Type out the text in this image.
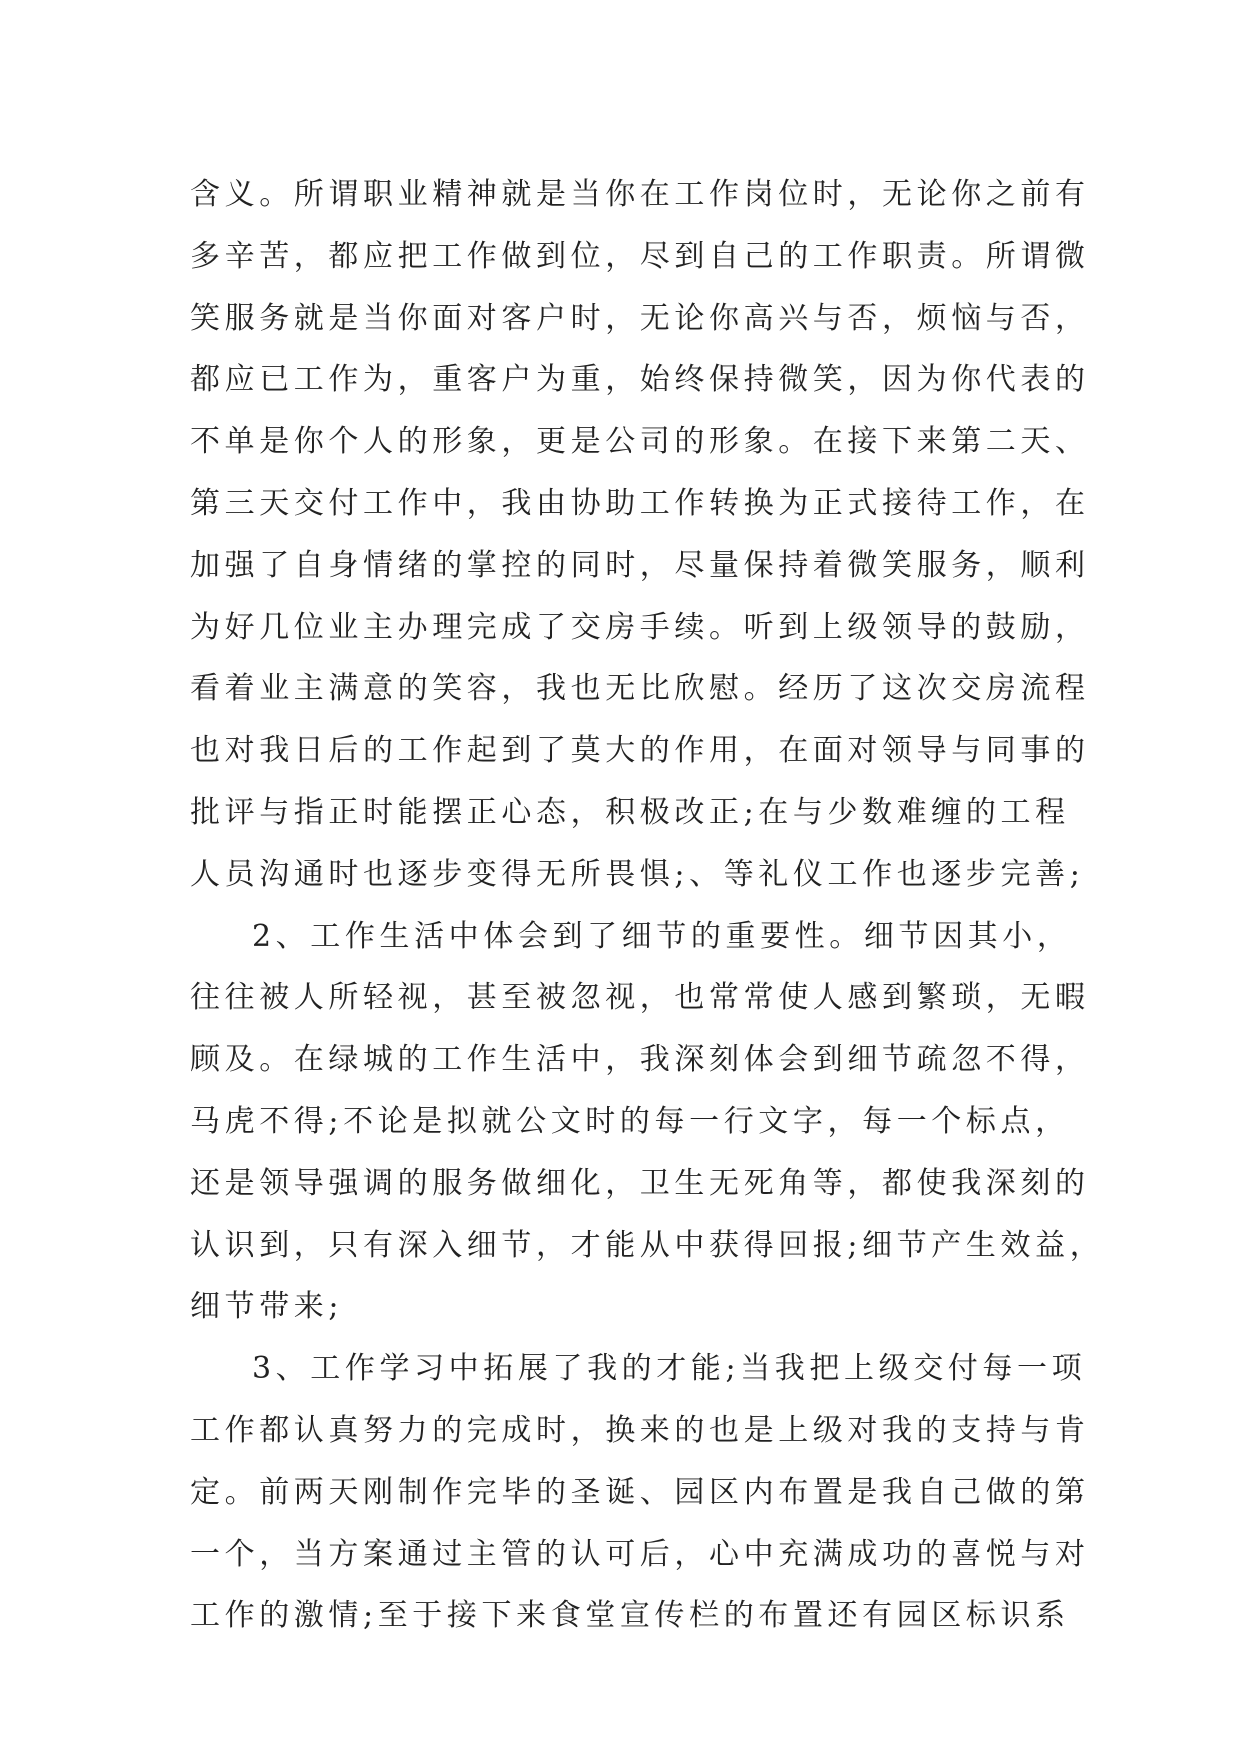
含义。所谓职业精神就是当你在工作岗位时，无论你之前有
多辛苦，都应把工作做到位，尽到自己的工作职责。所谓微
笑服务就是当你面对客户时，无论你高兴与否，烦恼与否，
都应已工作为，重客户为重，始终保持微笑，因为你代表的
不单是你个人的形象，更是公司的形象。在接下来第二天、
第三天交付工作中，我由协助工作转换为正式接待工作，在
加强了自身情绪的掌控的同时，尽量保持着微笑服务，顺利
为好几位业主办理完成了交房手续。听到上级领导的鼓励，
看着业主满意的笑容，我也无比欣慰。经历了这次交房流程
也对我日后的工作起到了莫大的作用，在面对领导与同事的
批评与指正时能摆正心态，积极改正;在与少数难缠的工程
人员沟通时也逐步变得无所畏惧;、等礼仪工作也逐步完善;
2、工作生活中体会到了细节的重要性。细节因其小，
往往被人所轻视，甚至被忽视，也常常使人感到繁琐，无暇
顾及。在绿城的工作生活中，我深刻体会到细节疏忽不得，
马虎不得;不论是拟就公文时的每一行文字，每一个标点，
还是领导强调的服务做细化，卫生无死角等，都使我深刻的
认识到，只有深入细节，才能从中获得回报;细节产生效益，
细节带来;
3、工作学习中拓展了我的才能;当我把上级交付每一项
工作都认真努力的完成时，换来的也是上级对我的支持与肯
定。前两天刚制作完毕的圣诞、园区内布置是我自己做的第
一个，当方案通过主管的认可后，心中充满成功的喜悦与对
工作的激情;至于接下来食堂宣传栏的布置还有园区标识系
